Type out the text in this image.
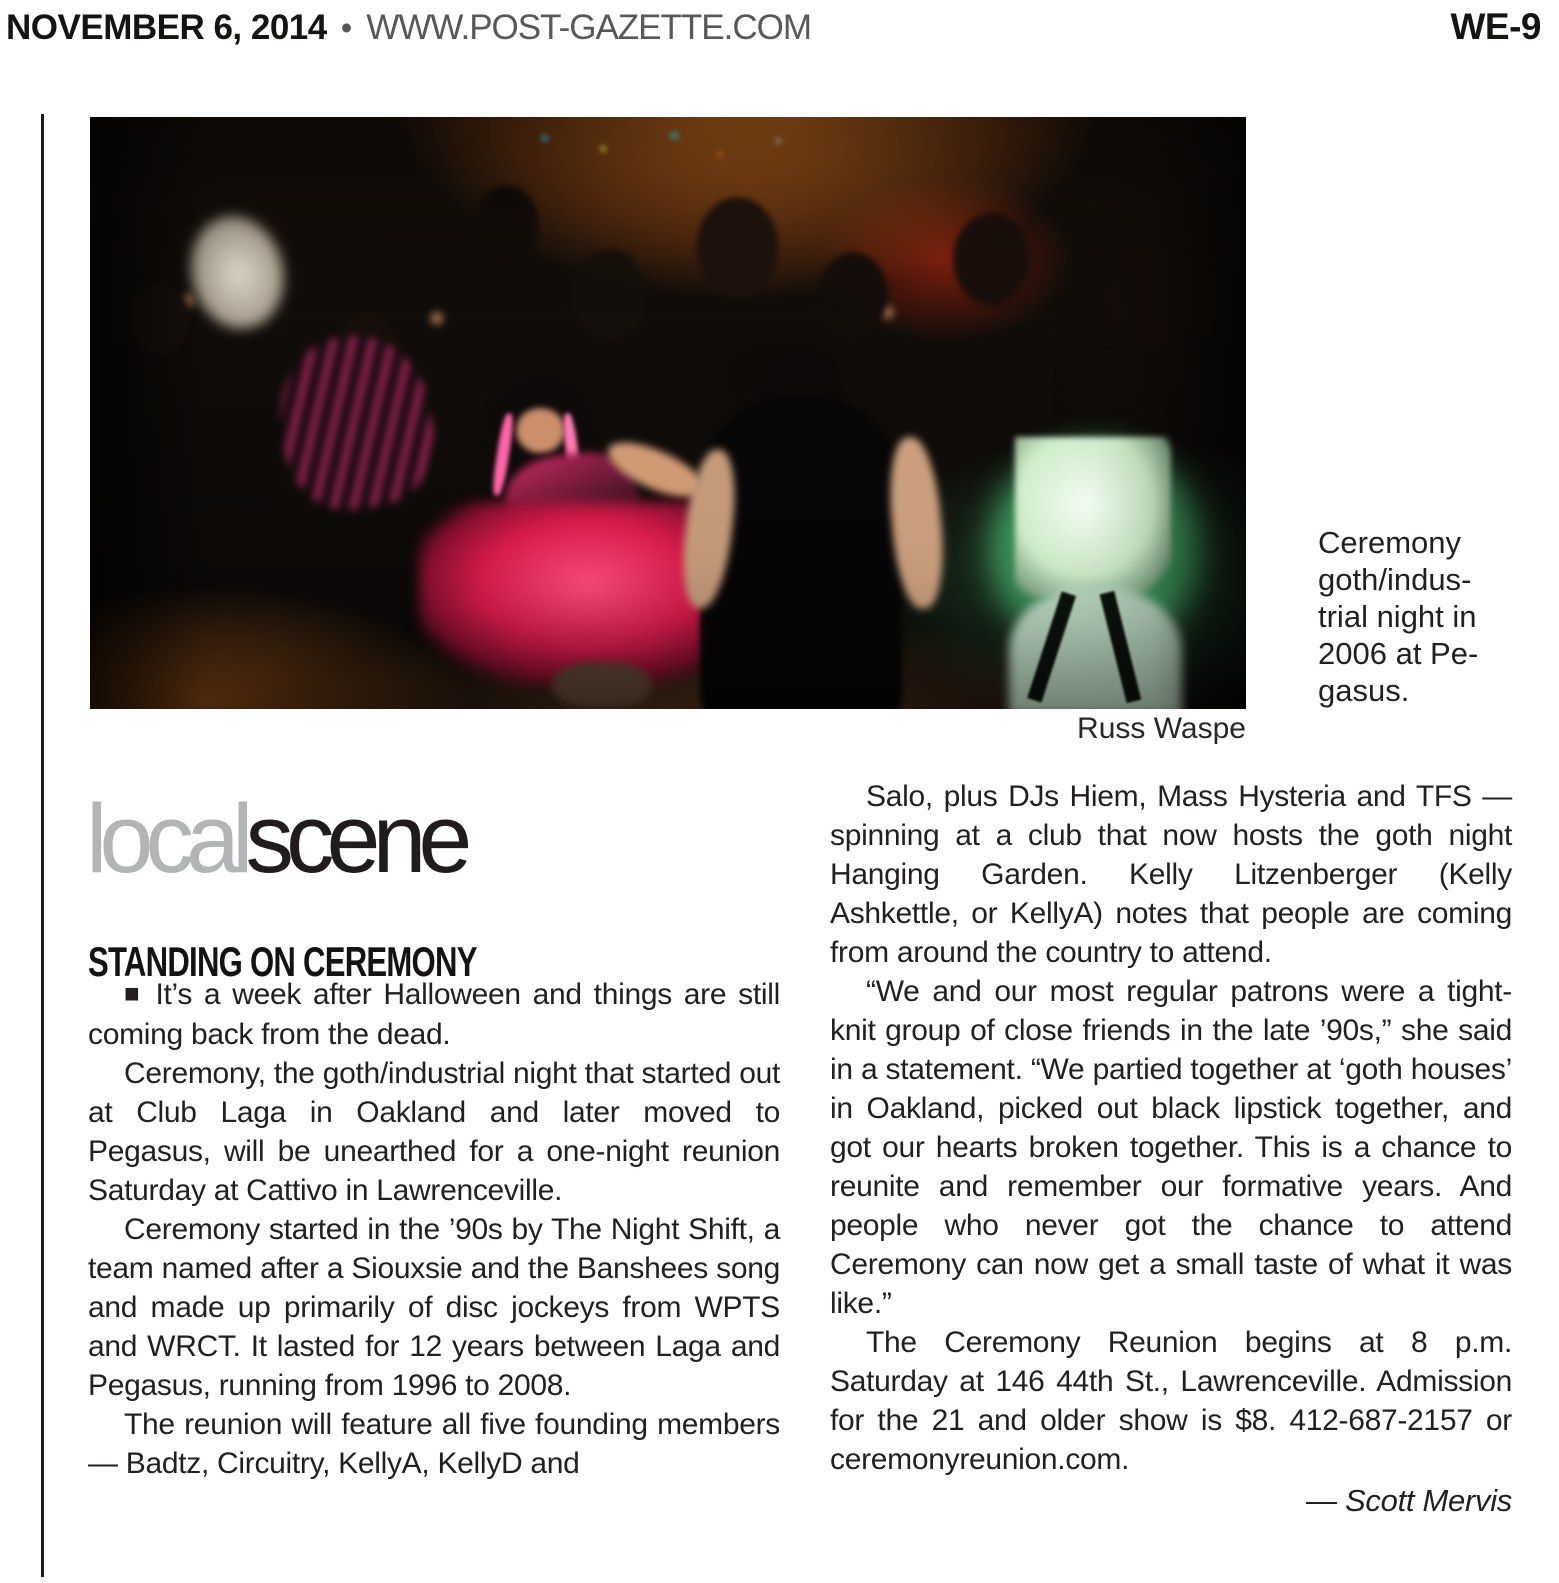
NOVEMBER 6, 2014 • WWW.POST-GAZETTE.COM	WE-9
Ceremony
goth/indus-
trial night in
2006 at Pe-
gasus.
Russ Waspe
localscene
STANDING ON CEREMONY

■ It’s a week after Halloween and things are still coming back from the dead.

Ceremony, the goth/industrial night that started out at Club Laga in Oakland and later moved to Pegasus, will be unearthed for a one-night reunion Saturday at Cattivo in Lawrenceville.

Ceremony started in the ’90s by The Night Shift, a team named after a Siouxsie and the Banshees song and made up primarily of disc jockeys from WPTS and WRCT. It lasted for 12 years between Laga and Pegasus, running from 1996 to 2008.

The reunion will feature all five founding members — Badtz, Circuitry, KellyA, KellyD and

Salo, plus DJs Hiem, Mass Hysteria and TFS — spinning at a club that now hosts the goth night Hanging Garden. Kelly Litzenberger (Kelly Ashkettle, or KellyA) notes that people are coming from around the country to attend.

“We and our most regular patrons were a tight-knit group of close friends in the late ’90s,” she said in a statement. “We partied together at ‘goth houses’ in Oakland, picked out black lipstick together, and got our hearts broken together. This is a chance to reunite and remember our formative years. And people who never got the chance to attend Ceremony can now get a small taste of what it was like.”

The Ceremony Reunion begins at 8 p.m. Saturday at 146 44th St., Lawrenceville. Admission for the 21 and older show is $8. 412-687-2157 or ceremonyreunion.com.

— Scott Mervis
